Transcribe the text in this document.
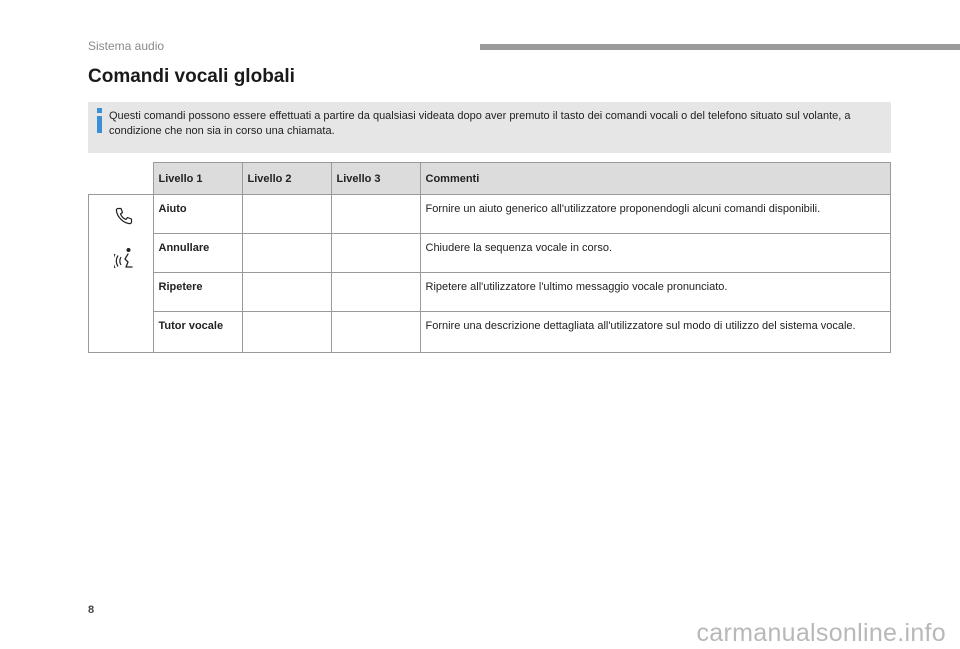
Sistema audio
Comandi vocali globali
Questi comandi possono essere effettuati a partire da qualsiasi videata dopo aver premuto il tasto dei comandi vocali o del telefono situato sul volante, a condizione che non sia in corso una chiamata.
	Livello 1	Livello 2	Livello 3	Commenti

	Aiuto			Fornire un aiuto generico all'utilizzatore proponendogli alcuni comandi disponibili.
	Annullare			Chiudere la sequenza vocale in corso.
	Ripetere			Ripetere all'utilizzatore l'ultimo messaggio vocale pronunciato.
	Tutor vocale			Fornire una descrizione dettagliata all'utilizzatore sul modo di utilizzo del sistema vocale.
8
carmanualsonline.info
